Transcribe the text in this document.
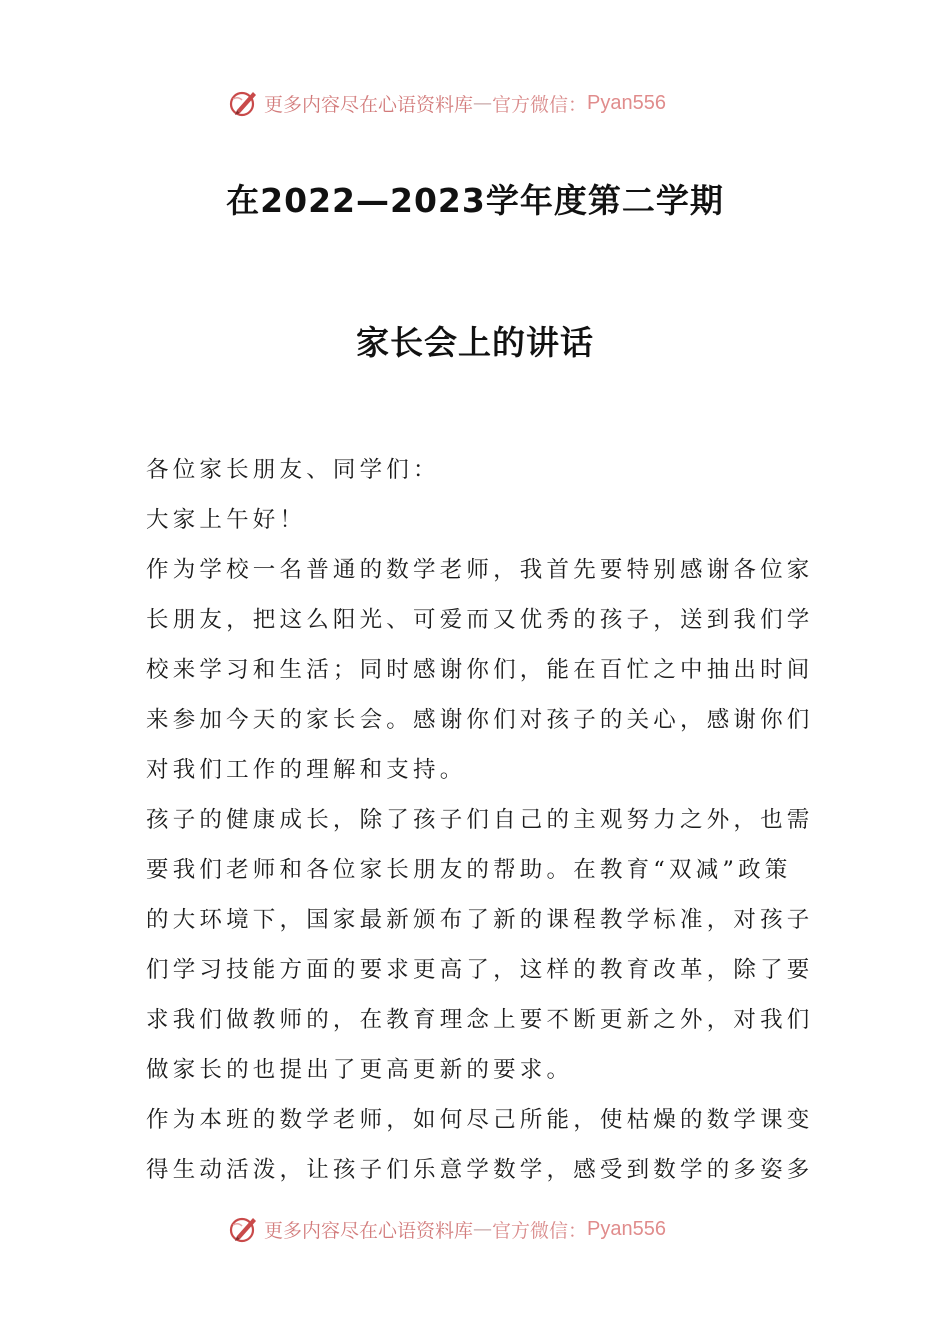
更多内容尽在心语资料库 — 官方微信： Pyan556
在2022—2023学年度第二学期
家长会上的讲话
各位家长朋友、同学们：
大家上午好！
作为学校一名普通的数学老师，我首先要特别感谢各位家
长朋友，把这么阳光、可爱而又优秀的孩子，送到我们学
校来学习和生活；同时感谢你们，能在百忙之中抽出时间
来参加今天的家长会。感谢你们对孩子的关心，感谢你们
对我们工作的理解和支持。
孩子的健康成长，除了孩子们自己的主观努力之外，也需
要我们老师和各位家长朋友的帮助。在教育“双减”政策
的大环境下，国家最新颁布了新的课程教学标准，对孩子
们学习技能方面的要求更高了，这样的教育改革，除了要
求我们做教师的，在教育理念上要不断更新之外，对我们
做家长的也提出了更高更新的要求。
作为本班的数学老师，如何尽己所能，使枯燥的数学课变
得生动活泼，让孩子们乐意学数学，感受到数学的多姿多
更多内容尽在心语资料库 — 官方微信： Pyan556
